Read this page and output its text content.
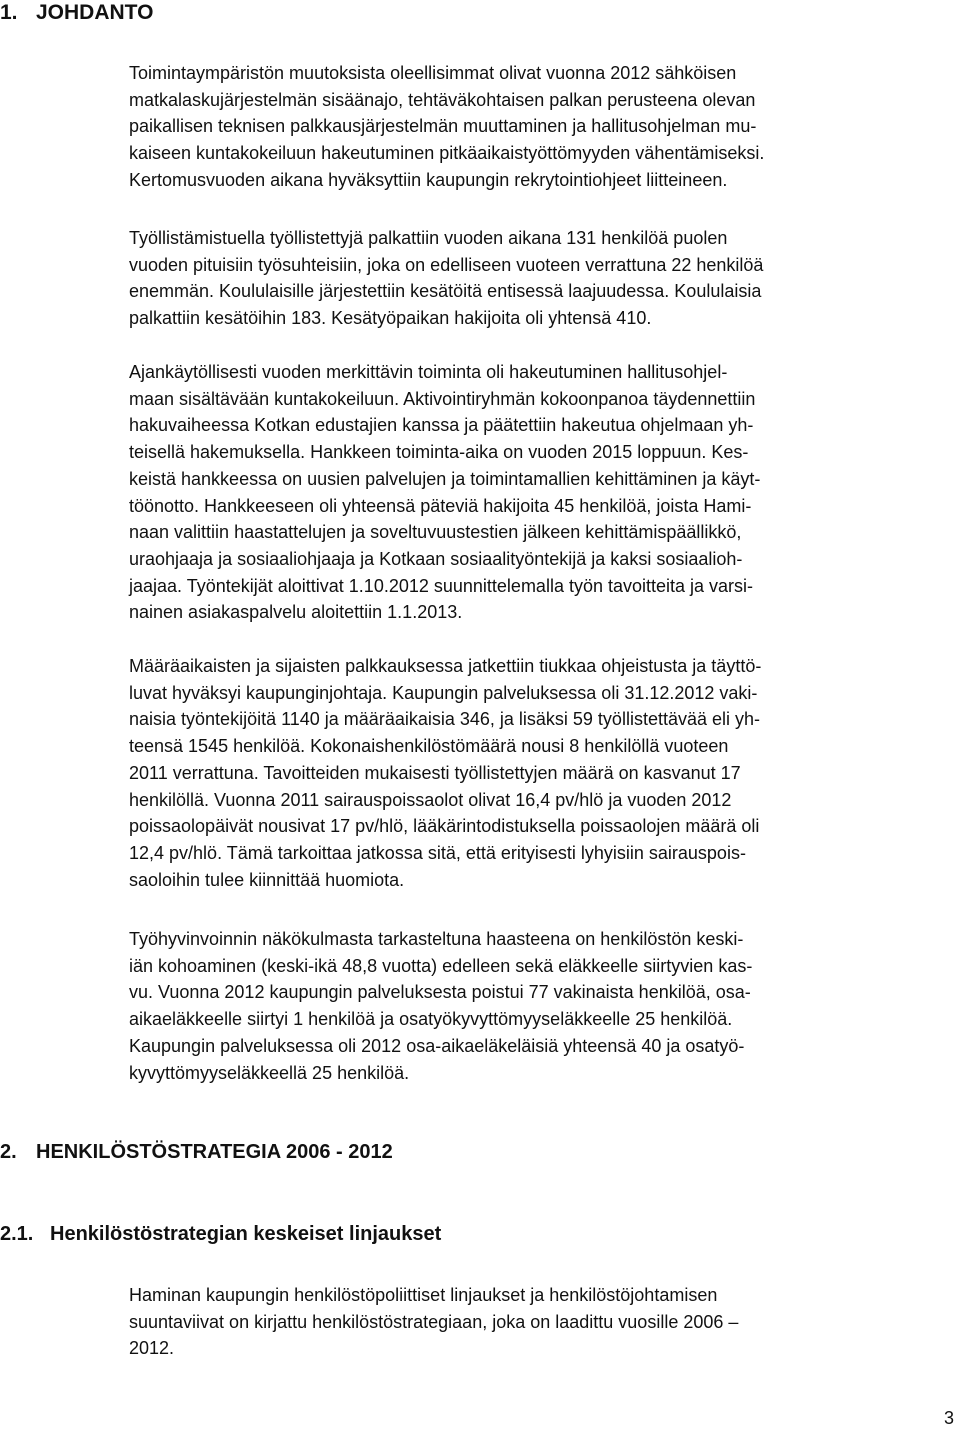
1. JOHDANTO

Toimintaympäristön muutoksista oleellisimmat olivat vuonna 2012 sähköisen
matkalaskujärjestelmän sisäänajo, tehtäväkohtaisen palkan perusteena olevan
paikallisen teknisen palkkausjärjestelmän muuttaminen ja hallitusohjelman mu-
kaiseen kuntakokeiluun hakeutuminen pitkäaikaistyöttömyyden vähentämiseksi.
Kertomusvuoden aikana hyväksyttiin kaupungin rekrytointiohjeet liitteineen.

Työllistämistuella työllistettyjä palkattiin vuoden aikana 131 henkilöä puolen
vuoden pituisiin työsuhteisiin, joka on edelliseen vuoteen verrattuna 22 henkilöä
enemmän. Koululaisille järjestettiin kesätöitä entisessä laajuudessa. Koululaisia
palkattiin kesätöihin 183. Kesätyöpaikan hakijoita oli yhtensä 410.

Ajankäytöllisesti vuoden merkittävin toiminta oli hakeutuminen hallitusohjel-
maan sisältävään kuntakokeiluun. Aktivointiryhmän kokoonpanoa täydennettiin
hakuvaiheessa Kotkan edustajien kanssa ja päätettiin hakeutua ohjelmaan yh-
teisellä hakemuksella. Hankkeen toiminta-aika on vuoden 2015 loppuun. Kes-
keistä hankkeessa on uusien palvelujen ja toimintamallien kehittäminen ja käyt-
töönotto. Hankkeeseen oli yhteensä päteviä hakijoita 45 henkilöä, joista Hami-
naan valittiin haastattelujen ja soveltuvuustestien jälkeen kehittämispäällikkö,
uraohjaaja ja sosiaaliohjaaja ja Kotkaan sosiaalityöntekijä ja kaksi sosiaalioh-
jaajaa. Työntekijät aloittivat 1.10.2012 suunnittelemalla työn tavoitteita ja varsi-
nainen asiakaspalvelu aloitettiin 1.1.2013.

Määräaikaisten ja sijaisten palkkauksessa jatkettiin tiukkaa ohjeistusta ja täyttö-
luvat hyväksyi kaupunginjohtaja. Kaupungin palveluksessa oli 31.12.2012 vaki-
naisia työntekijöitä 1140 ja määräaikaisia 346, ja lisäksi 59 työllistettävää eli yh-
teensä 1545 henkilöä. Kokonaishenkilöstömäärä nousi 8 henkilöllä vuoteen
2011 verrattuna. Tavoitteiden mukaisesti työllistettyjen määrä on kasvanut 17
henkilöllä. Vuonna 2011 sairauspoissaolot olivat 16,4 pv/hlö ja vuoden 2012
poissaolopäivät nousivat 17 pv/hlö, lääkärintodistuksella poissaolojen määrä oli
12,4 pv/hlö. Tämä tarkoittaa jatkossa sitä, että erityisesti lyhyisiin sairauspois-
saoloihin tulee kiinnittää huomiota.

Työhyvinvoinnin näkökulmasta tarkasteltuna haasteena on henkilöstön keski-
iän kohoaminen (keski-ikä 48,8 vuotta) edelleen sekä eläkkeelle siirtyvien kas-
vu. Vuonna 2012 kaupungin palveluksesta poistui 77 vakinaista henkilöä, osa-
aikaeläkkeelle siirtyi 1 henkilöä ja osatyökyvyttömyyseläkkeelle 25 henkilöä.
Kaupungin palveluksessa oli 2012 osa-aikaeläkeläisiä yhteensä 40 ja osatyö-
kyvyttömyyseläkkeellä 25 henkilöä.

2. HENKILÖSTÖSTRATEGIA 2006 - 2012
2.1. Henkilöstöstrategian keskeiset linjaukset

Haminan kaupungin henkilöstöpoliittiset linjaukset ja henkilöstöjohtamisen
suuntaviivat on kirjattu henkilöstöstrategiaan, joka on laadittu vuosille 2006 –
2012.

3
